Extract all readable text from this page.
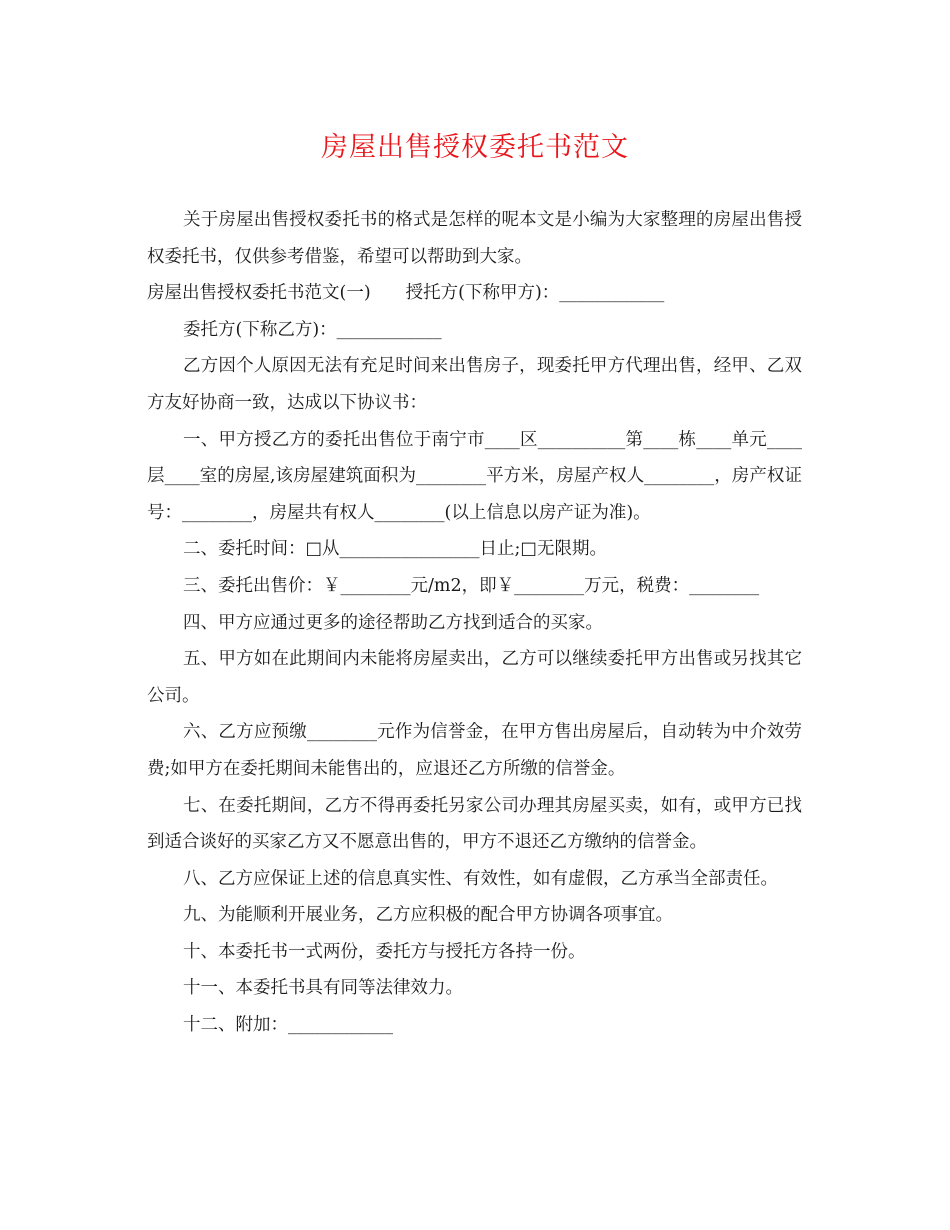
房屋出售授权委托书范文

关于房屋出售授权委托书的格式是怎样的呢本文是小编为大家整理的房屋出售授权委托书，仅供参考借鉴，希望可以帮助到大家。

房屋出售授权委托书范文(一)　　授托方(下称甲方)：____________

委托方(下称乙方)：____________

乙方因个人原因无法有充足时间来出售房子，现委托甲方代理出售，经甲、乙双方友好协商一致，达成以下协议书：

一、甲方授乙方的委托出售位于南宁市____区__________第____栋____单元____层____室的房屋,该房屋建筑面积为________平方米，房屋产权人________，房产权证号：________，房屋共有权人________(以上信息以房产证为准)。

二、委托时间：□从________________日止;□无限期。

三、委托出售价：￥________元/m2，即￥________万元，税费：________

四、甲方应通过更多的途径帮助乙方找到适合的买家。

五、甲方如在此期间内未能将房屋卖出，乙方可以继续委托甲方出售或另找其它公司。

六、乙方应预缴________元作为信誉金，在甲方售出房屋后，自动转为中介效劳费;如甲方在委托期间未能售出的，应退还乙方所缴的信誉金。

七、在委托期间，乙方不得再委托另家公司办理其房屋买卖，如有，或甲方已找到适合谈好的买家乙方又不愿意出售的，甲方不退还乙方缴纳的信誉金。

八、乙方应保证上述的信息真实性、有效性，如有虚假，乙方承当全部责任。

九、为能顺利开展业务，乙方应积极的配合甲方协调各项事宜。

十、本委托书一式两份，委托方与授托方各持一份。

十一、本委托书具有同等法律效力。

十二、附加：____________
